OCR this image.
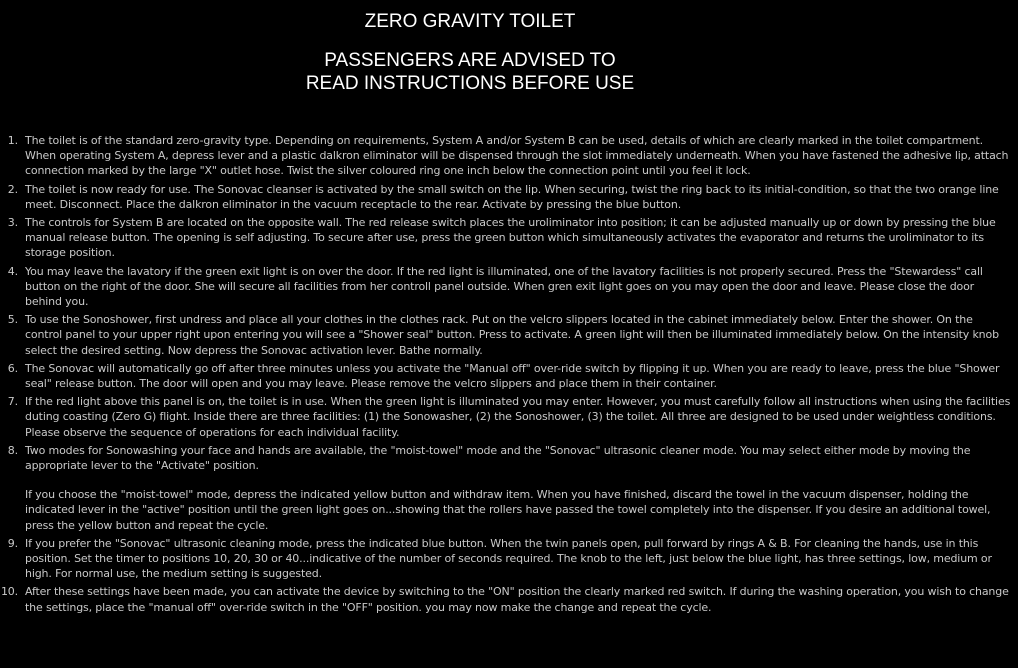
ZERO GRAVITY TOILET
PASSENGERS ARE ADVISED TO
READ INSTRUCTIONS BEFORE USE
1. The toilet is of the standard zero-gravity type. Depending on requirements, System A and/or System B can be used, details of which are clearly marked in the toilet compartment. When operating System A, depress lever and a plastic dalkron eliminator will be dispensed through the slot immediately underneath. When you have fastened the adhesive lip, attach connection marked by the large "X" outlet hose. Twist the silver coloured ring one inch below the connection point until you feel it lock.

2. The toilet is now ready for use. The Sonovac cleanser is activated by the small switch on the lip. When securing, twist the ring back to its initial-condition, so that the two orange line meet. Disconnect. Place the dalkron eliminator in the vacuum receptacle to the rear. Activate by pressing the blue button.

3. The controls for System B are located on the opposite wall. The red release switch places the uroliminator into position; it can be adjusted manually up or down by pressing the blue manual release button. The opening is self adjusting. To secure after use, press the green button which simultaneously activates the evaporator and returns the uroliminator to its storage position.

4. You may leave the lavatory if the green exit light is on over the door. If the red light is illuminated, one of the lavatory facilities is not properly secured. Press the "Stewardess" call button on the right of the door. She will secure all facilities from her controll panel outside. When gren exit light goes on you may open the door and leave. Please close the door behind you.

5. To use the Sonoshower, first undress and place all your clothes in the clothes rack. Put on the velcro slippers located in the cabinet immediately below. Enter the shower. On the control panel to your upper right upon entering you will see a "Shower seal" button. Press to activate. A green light will then be illuminated immediately below. On the intensity knob select the desired setting. Now depress the Sonovac activation lever. Bathe normally.

6. The Sonovac will automatically go off after three minutes unless you activate the "Manual off" over-ride switch by flipping it up. When you are ready to leave, press the blue "Shower seal" release button. The door will open and you may leave. Please remove the velcro slippers and place them in their container.

7. If the red light above this panel is on, the toilet is in use. When the green light is illuminated you may enter. However, you must carefully follow all instructions when using the facilities duting coasting (Zero G) flight. Inside there are three facilities: (1) the Sonowasher, (2) the Sonoshower, (3) the toilet. All three are designed to be used under weightless conditions. Please observe the sequence of operations for each individual facility.

8. Two modes for Sonowashing your face and hands are available, the "moist-towel" mode and the "Sonovac" ultrasonic cleaner mode. You may select either mode by moving the appropriate lever to the "Activate" position.

If you choose the "moist-towel" mode, depress the indicated yellow button and withdraw item. When you have finished, discard the towel in the vacuum dispenser, holding the indicated lever in the "active" position until the green light goes on...showing that the rollers have passed the towel completely into the dispenser. If you desire an additional towel, press the yellow button and repeat the cycle.

9. If you prefer the "Sonovac" ultrasonic cleaning mode, press the indicated blue button. When the twin panels open, pull forward by rings A & B. For cleaning the hands, use in this position. Set the timer to positions 10, 20, 30 or 40...indicative of the number of seconds required. The knob to the left, just below the blue light, has three settings, low, medium or high. For normal use, the medium setting is suggested.

10. After these settings have been made, you can activate the device by switching to the "ON" position the clearly marked red switch. If during the washing operation, you wish to change the settings, place the "manual off" over-ride switch in the "OFF" position. you may now make the change and repeat the cycle.
